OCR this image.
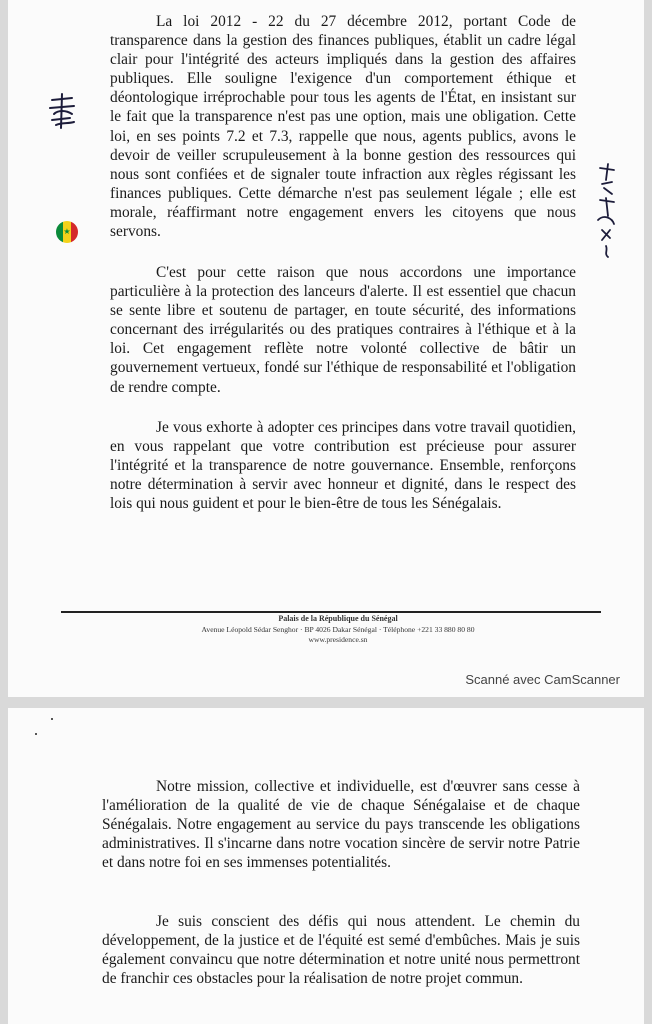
La loi 2012 - 22 du 27 décembre 2012, portant Code de transparence dans la gestion des finances publiques, établit un cadre légal clair pour l'intégrité des acteurs impliqués dans la gestion des affaires publiques. Elle souligne l'exigence d'un comportement éthique et déontologique irréprochable pour tous les agents de l'État, en insistant sur le fait que la transparence n'est pas une option, mais une obligation. Cette loi, en ses points 7.2 et 7.3, rappelle que nous, agents publics, avons le devoir de veiller scrupuleusement à la bonne gestion des ressources qui nous sont confiées et de signaler toute infraction aux règles régissant les finances publiques. Cette démarche n'est pas seulement légale ; elle est morale, réaffirmant notre engagement envers les citoyens que nous servons.

C'est pour cette raison que nous accordons une importance particulière à la protection des lanceurs d'alerte. Il est essentiel que chacun se sente libre et soutenu de partager, en toute sécurité, des informations concernant des irrégularités ou des pratiques contraires à l'éthique et à la loi. Cet engagement reflète notre volonté collective de bâtir un gouvernement vertueux, fondé sur l'éthique de responsabilité et l'obligation de rendre compte.

Je vous exhorte à adopter ces principes dans votre travail quotidien, en vous rappelant que votre contribution est précieuse pour assurer l'intégrité et la transparence de notre gouvernance. Ensemble, renforçons notre détermination à servir avec honneur et dignité, dans le respect des lois qui nous guident et pour le bien-être de tous les Sénégalais.

★
Palais de la République du Sénégal
Avenue Léopold Sédar Senghor · BP 4026 Dakar Sénégal · Téléphone +221 33 880 80 80
www.presidence.sn
Scanné avec CamScanner

Notre mission, collective et individuelle, est d'œuvrer sans cesse à l'amélioration de la qualité de vie de chaque Sénégalaise et de chaque Sénégalais. Notre engagement au service du pays transcende les obligations administratives. Il s'incarne dans notre vocation sincère de servir notre Patrie et dans notre foi en ses immenses potentialités.

Je suis conscient des défis qui nous attendent. Le chemin du développement, de la justice et de l'équité est semé d'embûches. Mais je suis également convaincu que notre détermination et notre unité nous permettront de franchir ces obstacles pour la réalisation de notre projet commun.
